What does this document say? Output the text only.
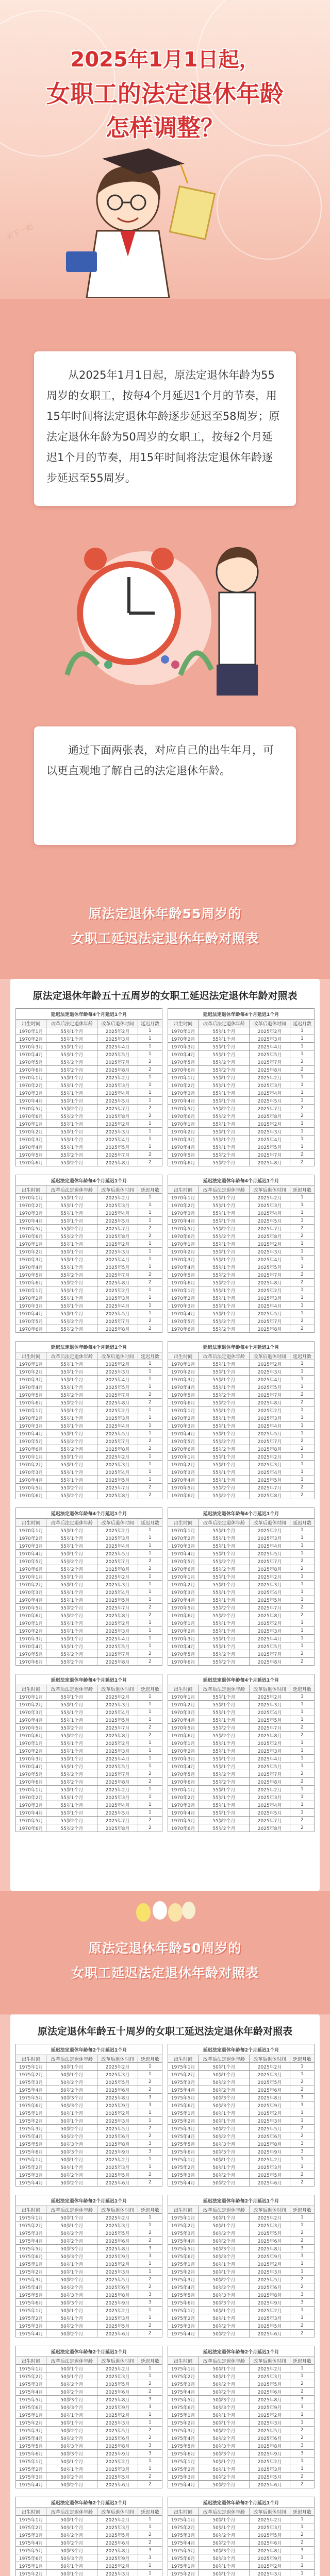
2025年1月1日起，
女职工的法定退休年龄
怎样调整？
天下一起

从2025年1月1日起，原法定退休年龄为55周岁的女职工，按每4个月延迟1个月的节奏，用15年时间将法定退休年龄逐步延迟至58周岁；原法定退休年龄为50周岁的女职工，按每2个月延迟1个月的节奏，用15年时间将法定退休年龄逐步延迟至55周岁。

通过下面两张表，对应自己的出生年月，可以更直观地了解自己的法定退休年龄。

原法定退休年龄55周岁的
女职工延迟法定退休年龄对照表
原法定退休年龄五十五周岁的女职工延迟法定退休年龄对照表
延迟法定退休年龄每4个月延迟1个月			
出生时间	改革后法定退休年龄	改革后退休时间	延迟月数
1970年1月	55岁1个月	2025年2月	1
1970年2月	55岁1个月	2025年3月	1
1970年3月	55岁1个月	2025年4月	1
1970年4月	55岁1个月	2025年5月	1
1970年5月	55岁2个月	2025年7月	2
1970年6月	55岁2个月	2025年8月	2
1970年1月	55岁1个月	2025年2月	1
1970年2月	55岁1个月	2025年3月	1
1970年3月	55岁1个月	2025年4月	1
1970年4月	55岁1个月	2025年5月	1
1970年5月	55岁2个月	2025年7月	2
1970年6月	55岁2个月	2025年8月	2
1970年1月	55岁1个月	2025年2月	1
1970年2月	55岁1个月	2025年3月	1
1970年3月	55岁1个月	2025年4月	1
1970年4月	55岁1个月	2025年5月	1
1970年5月	55岁2个月	2025年7月	2
1970年6月	55岁2个月	2025年8月	2
延迟法定退休年龄每4个月延迟1个月			
出生时间	改革后法定退休年龄	改革后退休时间	延迟月数
1970年1月	55岁1个月	2025年2月	1
1970年2月	55岁1个月	2025年3月	1
1970年3月	55岁1个月	2025年4月	1
1970年4月	55岁1个月	2025年5月	1
1970年5月	55岁2个月	2025年7月	2
1970年6月	55岁2个月	2025年8月	2
1970年1月	55岁1个月	2025年2月	1
1970年2月	55岁1个月	2025年3月	1
1970年3月	55岁1个月	2025年4月	1
1970年4月	55岁1个月	2025年5月	1
1970年5月	55岁2个月	2025年7月	2
1970年6月	55岁2个月	2025年8月	2
1970年1月	55岁1个月	2025年2月	1
1970年2月	55岁1个月	2025年3月	1
1970年3月	55岁1个月	2025年4月	1
1970年4月	55岁1个月	2025年5月	1
1970年5月	55岁2个月	2025年7月	2
1970年6月	55岁2个月	2025年8月	2
延迟法定退休年龄每4个月延迟1个月			
出生时间	改革后法定退休年龄	改革后退休时间	延迟月数
1970年1月	55岁1个月	2025年2月	1
1970年2月	55岁1个月	2025年3月	1
1970年3月	55岁1个月	2025年4月	1
1970年4月	55岁1个月	2025年5月	1
1970年5月	55岁2个月	2025年7月	2
1970年6月	55岁2个月	2025年8月	2
1970年1月	55岁1个月	2025年2月	1
1970年2月	55岁1个月	2025年3月	1
1970年3月	55岁1个月	2025年4月	1
1970年4月	55岁1个月	2025年5月	1
1970年5月	55岁2个月	2025年7月	2
1970年6月	55岁2个月	2025年8月	2
1970年1月	55岁1个月	2025年2月	1
1970年2月	55岁1个月	2025年3月	1
1970年3月	55岁1个月	2025年4月	1
1970年4月	55岁1个月	2025年5月	1
1970年5月	55岁2个月	2025年7月	2
1970年6月	55岁2个月	2025年8月	2
延迟法定退休年龄每4个月延迟1个月			
出生时间	改革后法定退休年龄	改革后退休时间	延迟月数
1970年1月	55岁1个月	2025年2月	1
1970年2月	55岁1个月	2025年3月	1
1970年3月	55岁1个月	2025年4月	1
1970年4月	55岁1个月	2025年5月	1
1970年5月	55岁2个月	2025年7月	2
1970年6月	55岁2个月	2025年8月	2
1970年1月	55岁1个月	2025年2月	1
1970年2月	55岁1个月	2025年3月	1
1970年3月	55岁1个月	2025年4月	1
1970年4月	55岁1个月	2025年5月	1
1970年5月	55岁2个月	2025年7月	2
1970年6月	55岁2个月	2025年8月	2
1970年1月	55岁1个月	2025年2月	1
1970年2月	55岁1个月	2025年3月	1
1970年3月	55岁1个月	2025年4月	1
1970年4月	55岁1个月	2025年5月	1
1970年5月	55岁2个月	2025年7月	2
1970年6月	55岁2个月	2025年8月	2
延迟法定退休年龄每4个月延迟1个月			
出生时间	改革后法定退休年龄	改革后退休时间	延迟月数
1970年1月	55岁1个月	2025年2月	1
1970年2月	55岁1个月	2025年3月	1
1970年3月	55岁1个月	2025年4月	1
1970年4月	55岁1个月	2025年5月	1
1970年5月	55岁2个月	2025年7月	2
1970年6月	55岁2个月	2025年8月	2
1970年1月	55岁1个月	2025年2月	1
1970年2月	55岁1个月	2025年3月	1
1970年3月	55岁1个月	2025年4月	1
1970年4月	55岁1个月	2025年5月	1
1970年5月	55岁2个月	2025年7月	2
1970年6月	55岁2个月	2025年8月	2
1970年1月	55岁1个月	2025年2月	1
1970年2月	55岁1个月	2025年3月	1
1970年3月	55岁1个月	2025年4月	1
1970年4月	55岁1个月	2025年5月	1
1970年5月	55岁2个月	2025年7月	2
1970年6月	55岁2个月	2025年8月	2
延迟法定退休年龄每4个月延迟1个月			
出生时间	改革后法定退休年龄	改革后退休时间	延迟月数
1970年1月	55岁1个月	2025年2月	1
1970年2月	55岁1个月	2025年3月	1
1970年3月	55岁1个月	2025年4月	1
1970年4月	55岁1个月	2025年5月	1
1970年5月	55岁2个月	2025年7月	2
1970年6月	55岁2个月	2025年8月	2
1970年1月	55岁1个月	2025年2月	1
1970年2月	55岁1个月	2025年3月	1
1970年3月	55岁1个月	2025年4月	1
1970年4月	55岁1个月	2025年5月	1
1970年5月	55岁2个月	2025年7月	2
1970年6月	55岁2个月	2025年8月	2
1970年1月	55岁1个月	2025年2月	1
1970年2月	55岁1个月	2025年3月	1
1970年3月	55岁1个月	2025年4月	1
1970年4月	55岁1个月	2025年5月	1
1970年5月	55岁2个月	2025年7月	2
1970年6月	55岁2个月	2025年8月	2
延迟法定退休年龄每4个月延迟1个月			
出生时间	改革后法定退休年龄	改革后退休时间	延迟月数
1970年1月	55岁1个月	2025年2月	1
1970年2月	55岁1个月	2025年3月	1
1970年3月	55岁1个月	2025年4月	1
1970年4月	55岁1个月	2025年5月	1
1970年5月	55岁2个月	2025年7月	2
1970年6月	55岁2个月	2025年8月	2
1970年1月	55岁1个月	2025年2月	1
1970年2月	55岁1个月	2025年3月	1
1970年3月	55岁1个月	2025年4月	1
1970年4月	55岁1个月	2025年5月	1
1970年5月	55岁2个月	2025年7月	2
1970年6月	55岁2个月	2025年8月	2
1970年1月	55岁1个月	2025年2月	1
1970年2月	55岁1个月	2025年3月	1
1970年3月	55岁1个月	2025年4月	1
1970年4月	55岁1个月	2025年5月	1
1970年5月	55岁2个月	2025年7月	2
1970年6月	55岁2个月	2025年8月	2
延迟法定退休年龄每4个月延迟1个月			
出生时间	改革后法定退休年龄	改革后退休时间	延迟月数
1970年1月	55岁1个月	2025年2月	1
1970年2月	55岁1个月	2025年3月	1
1970年3月	55岁1个月	2025年4月	1
1970年4月	55岁1个月	2025年5月	1
1970年5月	55岁2个月	2025年7月	2
1970年6月	55岁2个月	2025年8月	2
1970年1月	55岁1个月	2025年2月	1
1970年2月	55岁1个月	2025年3月	1
1970年3月	55岁1个月	2025年4月	1
1970年4月	55岁1个月	2025年5月	1
1970年5月	55岁2个月	2025年7月	2
1970年6月	55岁2个月	2025年8月	2
1970年1月	55岁1个月	2025年2月	1
1970年2月	55岁1个月	2025年3月	1
1970年3月	55岁1个月	2025年4月	1
1970年4月	55岁1个月	2025年5月	1
1970年5月	55岁2个月	2025年7月	2
1970年6月	55岁2个月	2025年8月	2
延迟法定退休年龄每4个月延迟1个月			
出生时间	改革后法定退休年龄	改革后退休时间	延迟月数
1970年1月	55岁1个月	2025年2月	1
1970年2月	55岁1个月	2025年3月	1
1970年3月	55岁1个月	2025年4月	1
1970年4月	55岁1个月	2025年5月	1
1970年5月	55岁2个月	2025年7月	2
1970年6月	55岁2个月	2025年8月	2
1970年1月	55岁1个月	2025年2月	1
1970年2月	55岁1个月	2025年3月	1
1970年3月	55岁1个月	2025年4月	1
1970年4月	55岁1个月	2025年5月	1
1970年5月	55岁2个月	2025年7月	2
1970年6月	55岁2个月	2025年8月	2
1970年1月	55岁1个月	2025年2月	1
1970年2月	55岁1个月	2025年3月	1
1970年3月	55岁1个月	2025年4月	1
1970年4月	55岁1个月	2025年5月	1
1970年5月	55岁2个月	2025年7月	2
1970年6月	55岁2个月	2025年8月	2
延迟法定退休年龄每4个月延迟1个月			
出生时间	改革后法定退休年龄	改革后退休时间	延迟月数
1970年1月	55岁1个月	2025年2月	1
1970年2月	55岁1个月	2025年3月	1
1970年3月	55岁1个月	2025年4月	1
1970年4月	55岁1个月	2025年5月	1
1970年5月	55岁2个月	2025年7月	2
1970年6月	55岁2个月	2025年8月	2
1970年1月	55岁1个月	2025年2月	1
1970年2月	55岁1个月	2025年3月	1
1970年3月	55岁1个月	2025年4月	1
1970年4月	55岁1个月	2025年5月	1
1970年5月	55岁2个月	2025年7月	2
1970年6月	55岁2个月	2025年8月	2
1970年1月	55岁1个月	2025年2月	1
1970年2月	55岁1个月	2025年3月	1
1970年3月	55岁1个月	2025年4月	1
1970年4月	55岁1个月	2025年5月	1
1970年5月	55岁2个月	2025年7月	2
1970年6月	55岁2个月	2025年8月	2
原法定退休年龄50周岁的
女职工延迟法定退休年龄对照表
原法定退休年龄五十周岁的女职工延迟法定退休年龄对照表
延迟法定退休年龄每2个月延迟1个月			
出生时间	改革后法定退休年龄	改革后退休时间	延迟月数
1975年1月	50岁1个月	2025年2月	1
1975年2月	50岁1个月	2025年3月	1
1975年3月	50岁2个月	2025年5月	2
1975年4月	50岁2个月	2025年6月	2
1975年5月	50岁3个月	2025年8月	3
1975年6月	50岁3个月	2025年9月	3
1975年1月	50岁1个月	2025年2月	1
1975年2月	50岁1个月	2025年3月	1
1975年3月	50岁2个月	2025年5月	2
1975年4月	50岁2个月	2025年6月	2
1975年5月	50岁3个月	2025年8月	3
1975年6月	50岁3个月	2025年9月	3
1975年1月	50岁1个月	2025年2月	1
1975年2月	50岁1个月	2025年3月	1
1975年3月	50岁2个月	2025年5月	2
1975年4月	50岁2个月	2025年6月	2
延迟法定退休年龄每2个月延迟1个月			
出生时间	改革后法定退休年龄	改革后退休时间	延迟月数
1975年1月	50岁1个月	2025年2月	1
1975年2月	50岁1个月	2025年3月	1
1975年3月	50岁2个月	2025年5月	2
1975年4月	50岁2个月	2025年6月	2
1975年5月	50岁3个月	2025年8月	3
1975年6月	50岁3个月	2025年9月	3
1975年1月	50岁1个月	2025年2月	1
1975年2月	50岁1个月	2025年3月	1
1975年3月	50岁2个月	2025年5月	2
1975年4月	50岁2个月	2025年6月	2
1975年5月	50岁3个月	2025年8月	3
1975年6月	50岁3个月	2025年9月	3
1975年1月	50岁1个月	2025年2月	1
1975年2月	50岁1个月	2025年3月	1
1975年3月	50岁2个月	2025年5月	2
1975年4月	50岁2个月	2025年6月	2
延迟法定退休年龄每2个月延迟1个月			
出生时间	改革后法定退休年龄	改革后退休时间	延迟月数
1975年1月	50岁1个月	2025年2月	1
1975年2月	50岁1个月	2025年3月	1
1975年3月	50岁2个月	2025年5月	2
1975年4月	50岁2个月	2025年6月	2
1975年5月	50岁3个月	2025年8月	3
1975年6月	50岁3个月	2025年9月	3
1975年1月	50岁1个月	2025年2月	1
1975年2月	50岁1个月	2025年3月	1
1975年3月	50岁2个月	2025年5月	2
1975年4月	50岁2个月	2025年6月	2
1975年5月	50岁3个月	2025年8月	3
1975年6月	50岁3个月	2025年9月	3
1975年1月	50岁1个月	2025年2月	1
1975年2月	50岁1个月	2025年3月	1
1975年3月	50岁2个月	2025年5月	2
1975年4月	50岁2个月	2025年6月	2
延迟法定退休年龄每2个月延迟1个月			
出生时间	改革后法定退休年龄	改革后退休时间	延迟月数
1975年1月	50岁1个月	2025年2月	1
1975年2月	50岁1个月	2025年3月	1
1975年3月	50岁2个月	2025年5月	2
1975年4月	50岁2个月	2025年6月	2
1975年5月	50岁3个月	2025年8月	3
1975年6月	50岁3个月	2025年9月	3
1975年1月	50岁1个月	2025年2月	1
1975年2月	50岁1个月	2025年3月	1

延迟法定退休年龄每2个月延迟1个月			
出生时间	改革后法定退休年龄	改革后退休时间	延迟月数
1975年1月	50岁1个月	2025年2月	1
1975年2月	50岁1个月	2025年3月	1
1975年3月	50岁2个月	2025年5月	2
1975年4月	50岁2个月	2025年6月	2
1975年5月	50岁3个月	2025年8月	3
1975年6月	50岁3个月	2025年9月	3
1975年1月	50岁1个月	2025年2月	1
1975年2月	50岁1个月	2025年3月	1
1975年3月	50岁2个月	2025年5月	2
1975年4月	50岁2个月	2025年6月	2
1975年5月	50岁3个月	2025年8月	3
1975年6月	50岁3个月	2025年9月	3
1975年1月	50岁1个月	2025年2月	1
1975年2月	50岁1个月	2025年3月	1
1975年3月	50岁2个月	2025年5月	2
1975年4月	50岁2个月	2025年6月	2
延迟法定退休年龄每2个月延迟1个月			
出生时间	改革后法定退休年龄	改革后退休时间	延迟月数
1975年1月	50岁1个月	2025年2月	1
1975年2月	50岁1个月	2025年3月	1
1975年3月	50岁2个月	2025年5月	2
1975年4月	50岁2个月	2025年6月	2
1975年5月	50岁3个月	2025年8月	3
1975年6月	50岁3个月	2025年9月	3
1975年1月	50岁1个月	2025年2月	1
1975年2月	50岁1个月	2025年3月	1
1975年3月	50岁2个月	2025年5月	2
1975年4月	50岁2个月	2025年6月	2
1975年5月	50岁3个月	2025年8月	3
1975年6月	50岁3个月	2025年9月	3
1975年1月	50岁1个月	2025年2月	1
1975年2月	50岁1个月	2025年3月	1
1975年3月	50岁2个月	2025年5月	2
1975年4月	50岁2个月	2025年6月	2
延迟法定退休年龄每2个月延迟1个月			
出生时间	改革后法定退休年龄	改革后退休时间	延迟月数
1975年1月	50岁1个月	2025年2月	1
1975年2月	50岁1个月	2025年3月	1
1975年3月	50岁2个月	2025年5月	2
1975年4月	50岁2个月	2025年6月	2
1975年5月	50岁3个月	2025年8月	3
1975年6月	50岁3个月	2025年9月	3
1975年1月	50岁1个月	2025年2月	1
1975年2月	50岁1个月	2025年3月	1
1975年3月	50岁2个月	2025年5月	2
1975年4月	50岁2个月	2025年6月	2
1975年5月	50岁3个月	2025年8月	3
1975年6月	50岁3个月	2025年9月	3
1975年1月	50岁1个月	2025年2月	1
1975年2月	50岁1个月	2025年3月	1
1975年3月	50岁2个月	2025年5月	2
1975年4月	50岁2个月	2025年6月	2
延迟法定退休年龄每2个月延迟1个月			
出生时间	改革后法定退休年龄	改革后退休时间	延迟月数
1975年1月	50岁1个月	2025年2月	1
1975年2月	50岁1个月	2025年3月	1
1975年3月	50岁2个月	2025年5月	2
1975年4月	50岁2个月	2025年6月	2
1975年5月	50岁3个月	2025年8月	3
1975年6月	50岁3个月	2025年9月	3
1975年1月	50岁1个月	2025年2月	1
1975年2月	50岁1个月	2025年3月	1
